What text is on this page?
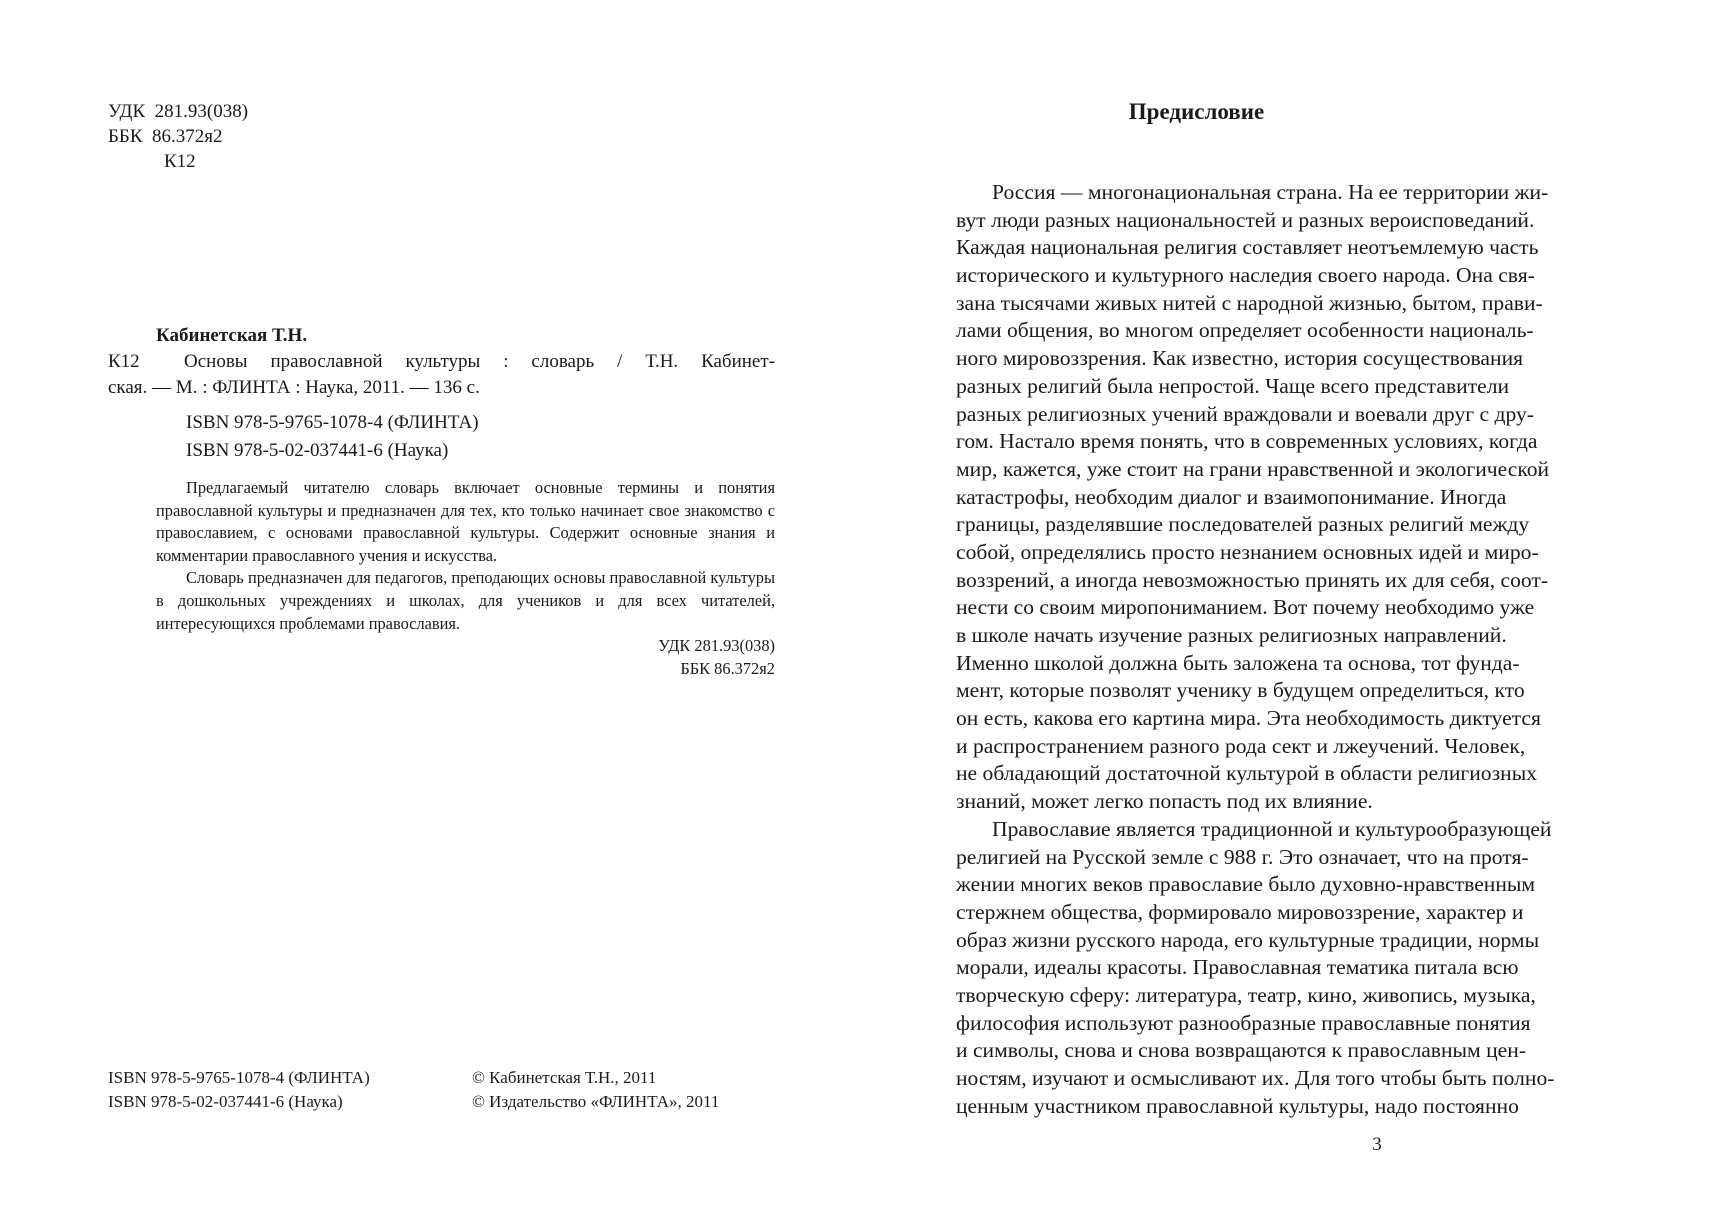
УДК  281.93(038)
ББК  86.372я2
К12
Кабинетская Т.Н.
К12	Основы православной культуры : словарь / Т.Н. Кабинет-
ская. — М. : ФЛИНТА : Наука, 2011. — 136 с.
ISBN 978-5-9765-1078-4 (ФЛИНТА)
ISBN 978-5-02-037441-6 (Наука)

Предлагаемый читателю словарь включает основные термины и понятия православной культуры и предназначен для тех, кто только начинает свое знакомство с православием, с основами православной культуры. Содержит основные знания и комментарии православного учения и искусства.

Словарь предназначен для педагогов, преподающих основы православной культуры в дошкольных учреждениях и школах, для учеников и для всех читателей, интересующихся проблемами православия.

УДК 281.93(038)

ББК 86.372я2

ISBN 978-5-9765-1078-4 (ФЛИНТА)
ISBN 978-5-02-037441-6 (Наука)
© Кабинетская Т.Н., 2011
© Издательство «ФЛИНТА», 2011
Предисловие
Россия — многонациональная страна. На ее территории жи-
вут люди разных национальностей и разных вероисповеданий.
Каждая национальная религия составляет неотъемлемую часть
исторического и культурного наследия своего народа. Она свя-
зана тысячами живых нитей с народной жизнью, бытом, прави-
лами общения, во многом определяет особенности националь-
ного мировоззрения. Как известно, история сосуществования
разных религий была непростой. Чаще всего представители
разных религиозных учений враждовали и воевали друг с дру-
гом. Настало время понять, что в современных условиях, когда
мир, кажется, уже стоит на грани нравственной и экологической
катастрофы, необходим диалог и взаимопонимание. Иногда
границы, разделявшие последователей разных религий между
собой, определялись просто незнанием основных идей и миро-
воззрений, а иногда невозможностью принять их для себя, соот-
нести со своим миропониманием. Вот почему необходимо уже
в школе начать изучение разных религиозных направлений.
Именно школой должна быть заложена та основа, тот фунда-
мент, которые позволят ученику в будущем определиться, кто
он есть, какова его картина мира. Эта необходимость диктуется
и распространением разного рода сект и лжеучений. Человек,
не обладающий достаточной культурой в области религиозных
знаний, может легко попасть под их влияние.
Православие является традиционной и культурообразующей
религией на Русской земле с 988 г. Это означает, что на протя-
жении многих веков православие было духовно-нравственным
стержнем общества, формировало мировоззрение, характер и
образ жизни русского народа, его культурные традиции, нормы
морали, идеалы красоты. Православная тематика питала всю
творческую сферу: литература, театр, кино, живопись, музыка,
философия используют разнообразные православные понятия
и символы, снова и снова возвращаются к православным цен-
ностям, изучают и осмысливают их. Для того чтобы быть полно-
ценным участником православной культуры, надо постоянно
3
